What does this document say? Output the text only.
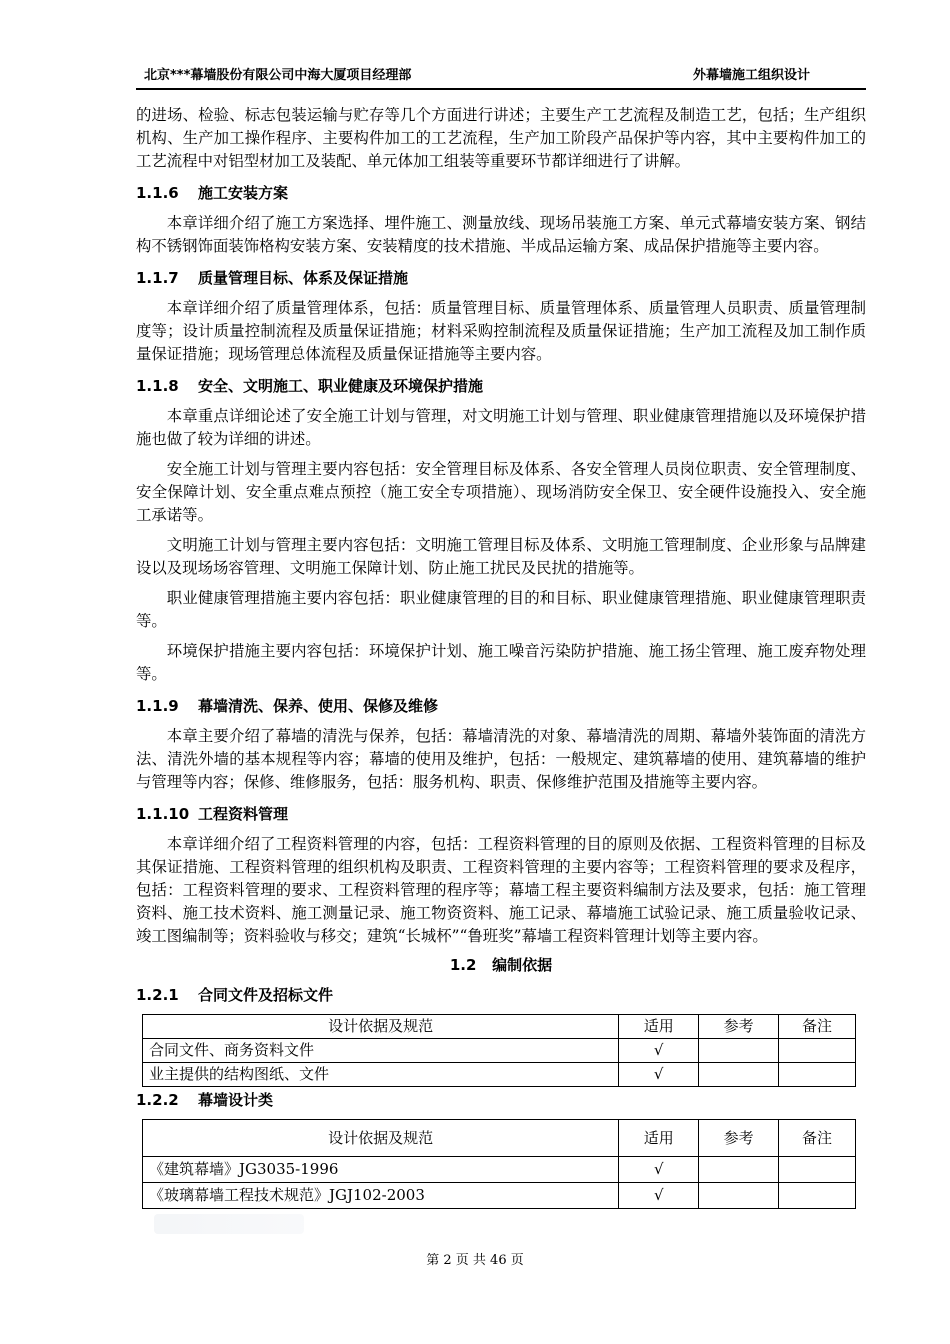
北京***幕墙股份有限公司中海大厦项目经理部	外幕墙施工组织设计

的进场、检验、标志包装运输与贮存等几个方面进行讲述；主要生产工艺流程及制造工艺，包括；生产组织机构、生产加工操作程序、主要构件加工的工艺流程，生产加工阶段产品保护等内容，其中主要构件加工的工艺流程中对铝型材加工及装配、单元体加工组装等重要环节都详细进行了讲解。

1.1.6 施工安装方案

本章详细介绍了施工方案选择、埋件施工、测量放线、现场吊装施工方案、单元式幕墙安装方案、钢结构不锈钢饰面装饰格构安装方案、安装精度的技术措施、半成品运输方案、成品保护措施等主要内容。

1.1.7 质量管理目标、体系及保证措施

本章详细介绍了质量管理体系，包括：质量管理目标、质量管理体系、质量管理人员职责、质量管理制度等；设计质量控制流程及质量保证措施；材料采购控制流程及质量保证措施；生产加工流程及加工制作质量保证措施；现场管理总体流程及质量保证措施等主要内容。

1.1.8 安全、文明施工、职业健康及环境保护措施

本章重点详细论述了安全施工计划与管理，对文明施工计划与管理、职业健康管理措施以及环境保护措施也做了较为详细的讲述。

安全施工计划与管理主要内容包括：安全管理目标及体系、各安全管理人员岗位职责、安全管理制度、安全保障计划、安全重点难点预控（施工安全专项措施）、现场消防安全保卫、安全硬件设施投入、安全施工承诺等。

文明施工计划与管理主要内容包括：文明施工管理目标及体系、文明施工管理制度、企业形象与品牌建设以及现场场容管理、文明施工保障计划、防止施工扰民及民扰的措施等。

职业健康管理措施主要内容包括：职业健康管理的目的和目标、职业健康管理措施、职业健康管理职责等。

环境保护措施主要内容包括：环境保护计划、施工噪音污染防护措施、施工扬尘管理、施工废弃物处理等。

1.1.9 幕墙清洗、保养、使用、保修及维修

本章主要介绍了幕墙的清洗与保养，包括：幕墙清洗的对象、幕墙清洗的周期、幕墙外装饰面的清洗方法、清洗外墙的基本规程等内容；幕墙的使用及维护，包括：一般规定、建筑幕墙的使用、建筑幕墙的维护与管理等内容；保修、维修服务，包括：服务机构、职责、保修维护范围及措施等主要内容。

1.1.10 工程资料管理

本章详细介绍了工程资料管理的内容，包括：工程资料管理的目的原则及依据、工程资料管理的目标及其保证措施、工程资料管理的组织机构及职责、工程资料管理的主要内容等；工程资料管理的要求及程序，包括：工程资料管理的要求、工程资料管理的程序等；幕墙工程主要资料编制方法及要求，包括：施工管理资料、施工技术资料、施工测量记录、施工物资资料、施工记录、幕墙施工试验记录、施工质量验收记录、竣工图编制等；资料验收与移交；建筑“长城杯”“鲁班奖”幕墙工程资料管理计划等主要内容。

1.2 编制依据
1.2.1 合同文件及招标文件
设计依据及规范	适用	参考	备注
合同文件、商务资料文件	√		
业主提供的结构图纸、文件	√		
1.2.2 幕墙设计类
设计依据及规范	适用	参考	备注
《建筑幕墙》JG3035-1996	√		
《玻璃幕墙工程技术规范》JGJ102-2003	√		
第 2 页 共 46 页
